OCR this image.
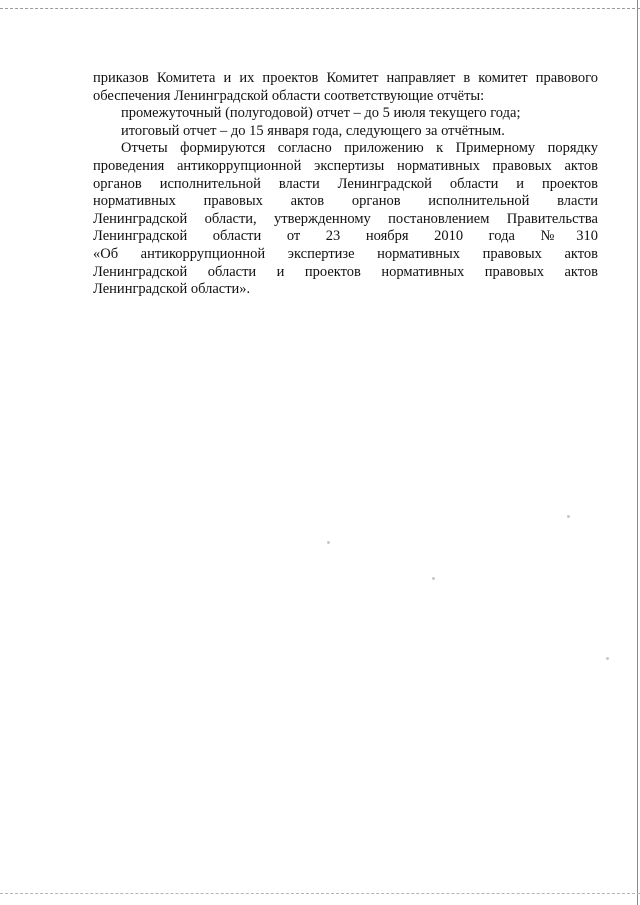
приказов Комитета и их проектов Комитет направляет в комитет правового
обеспечения Ленинградской области соответствующие отчёты:
промежуточный (полугодовой) отчет – до 5 июля текущего года;
итоговый отчет – до 15 января года, следующего за отчётным.
Отчеты формируются согласно приложению к Примерному порядку
проведения антикоррупционной экспертизы нормативных правовых актов
органов исполнительной власти Ленинградской области и проектов
нормативных правовых актов органов исполнительной власти
Ленинградской области, утвержденному постановлением Правительства
Ленинградской области от 23 ноября 2010 года №310
«Об антикоррупционной экспертизе нормативных правовых актов
Ленинградской области и проектов нормативных правовых актов
Ленинградской области».
